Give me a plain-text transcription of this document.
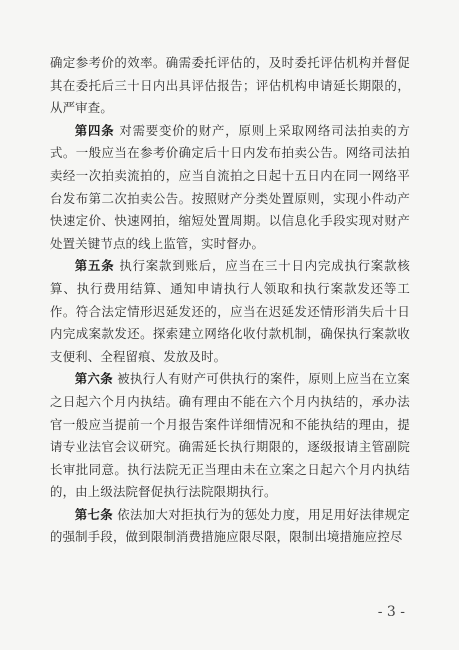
确定参考价的效率。确需委托评估的，及时委托评估机构并督促其在委托后三十日内出具评估报告；评估机构申请延长期限的，从严审查。

第四条 对需要变价的财产，原则上采取网络司法拍卖的方式。一般应当在参考价确定后十日内发布拍卖公告。网络司法拍卖经一次拍卖流拍的，应当自流拍之日起十五日内在同一网络平台发布第二次拍卖公告。按照财产分类处置原则，实现小件动产快速定价、快速网拍，缩短处置周期。以信息化手段实现对财产处置关键节点的线上监管，实时督办。

第五条 执行案款到账后，应当在三十日内完成执行案款核算、执行费用结算、通知申请执行人领取和执行案款发还等工作。符合法定情形迟延发还的，应当在迟延发还情形消失后十日内完成案款发还。探索建立网络化收付款机制，确保执行案款收支便利、全程留痕、发放及时。

第六条 被执行人有财产可供执行的案件，原则上应当在立案之日起六个月内执结。确有理由不能在六个月内执结的，承办法官一般应当提前一个月报告案件详细情况和不能执结的理由，提请专业法官会议研究。确需延长执行期限的，逐级报请主管副院长审批同意。执行法院无正当理由未在立案之日起六个月内执结的，由上级法院督促执行法院限期执行。

第七条 依法加大对拒执行为的惩处力度，用足用好法律规定的强制手段，做到限制消费措施应限尽限，限制出境措施应控尽

- 3 -
